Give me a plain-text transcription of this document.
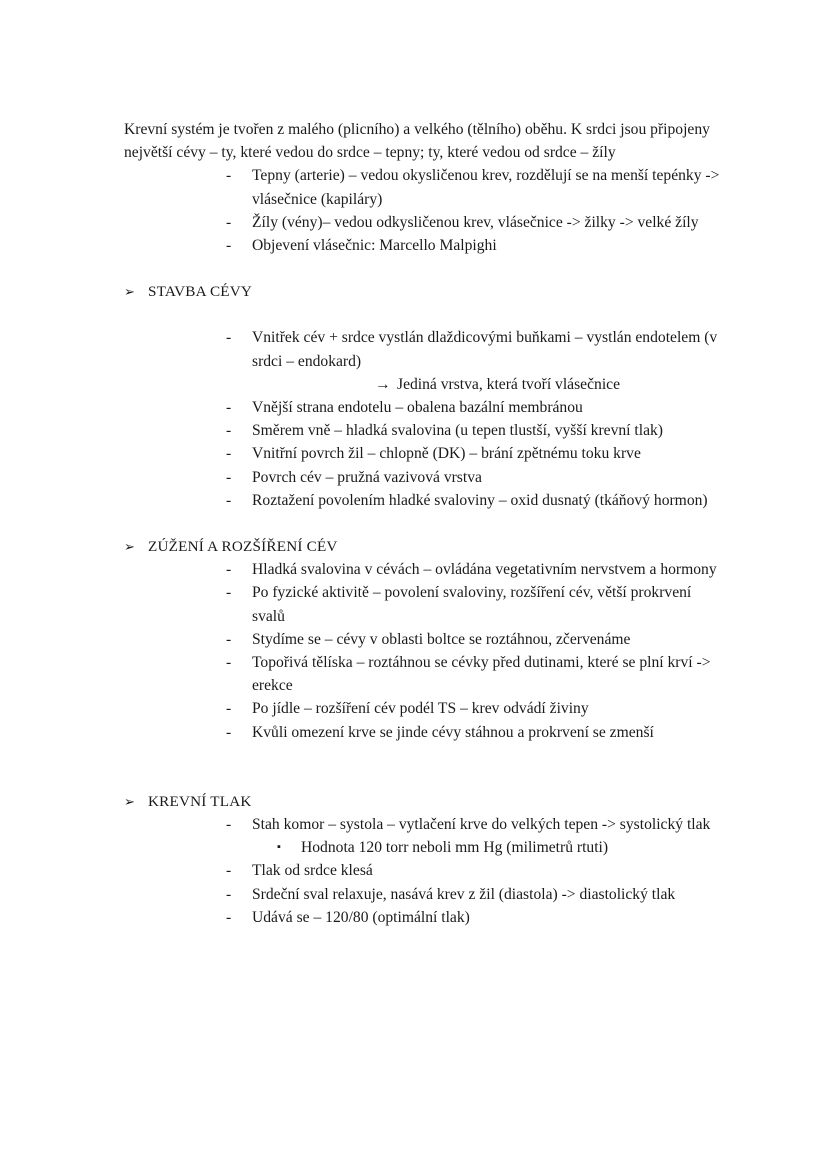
Krevní systém je tvořen z malého (plicního) a velkého (tělního) oběhu. K srdci jsou připojeny největší cévy – ty, které vedou do srdce – tepny; ty, které vedou od srdce – žíly

- Tepny (arterie) – vedou okysličenou krev, rozdělují se na menší tepénky -> vlásečnice (kapiláry)
- Žíly (vény)– vedou odkysličenou krev, vlásečnice -> žilky -> velké žíly
- Objevení vlásečnic: Marcello Malpighi
➢ STAVBA CÉVY
- Vnitřek cév + srdce vystlán dlaždicovými buňkami – vystlán endotelem (v srdci – endokard)
→ Jediná vrstva, která tvoří vlásečnice
- Vnější strana endotelu – obalena bazální membránou
- Směrem vně – hladká svalovina (u tepen tlustší, vyšší krevní tlak)
- Vnitřní povrch žil – chlopně (DK) – brání zpětnému toku krve
- Povrch cév – pružná vazivová vrstva
- Roztažení povolením hladké svaloviny – oxid dusnatý (tkáňový hormon)
➢ ZÚŽENÍ A ROZŠÍŘENÍ CÉV
- Hladká svalovina v cévách – ovládána vegetativním nervstvem a hormony
- Po fyzické aktivitě – povolení svaloviny, rozšíření cév, větší prokrvení svalů
- Stydíme se – cévy v oblasti boltce se roztáhnou, zčervenáme
- Topořivá tělíska – roztáhnou se cévky před dutinami, které se plní krví -> erekce
- Po jídle – rozšíření cév podél TS – krev odvádí živiny
- Kvůli omezení krve se jinde cévy stáhnou a prokrvení se zmenší
➢ KREVNÍ TLAK
- Stah komor – systola – vytlačení krve do velkých tepen -> systolický tlak
▪	Hodnota 120 torr neboli mm Hg (milimetrů rtuti)
- Tlak od srdce klesá
- Srdeční sval relaxuje, nasává krev z žil (diastola) -> diastolický tlak
- Udává se – 120/80 (optimální tlak)
